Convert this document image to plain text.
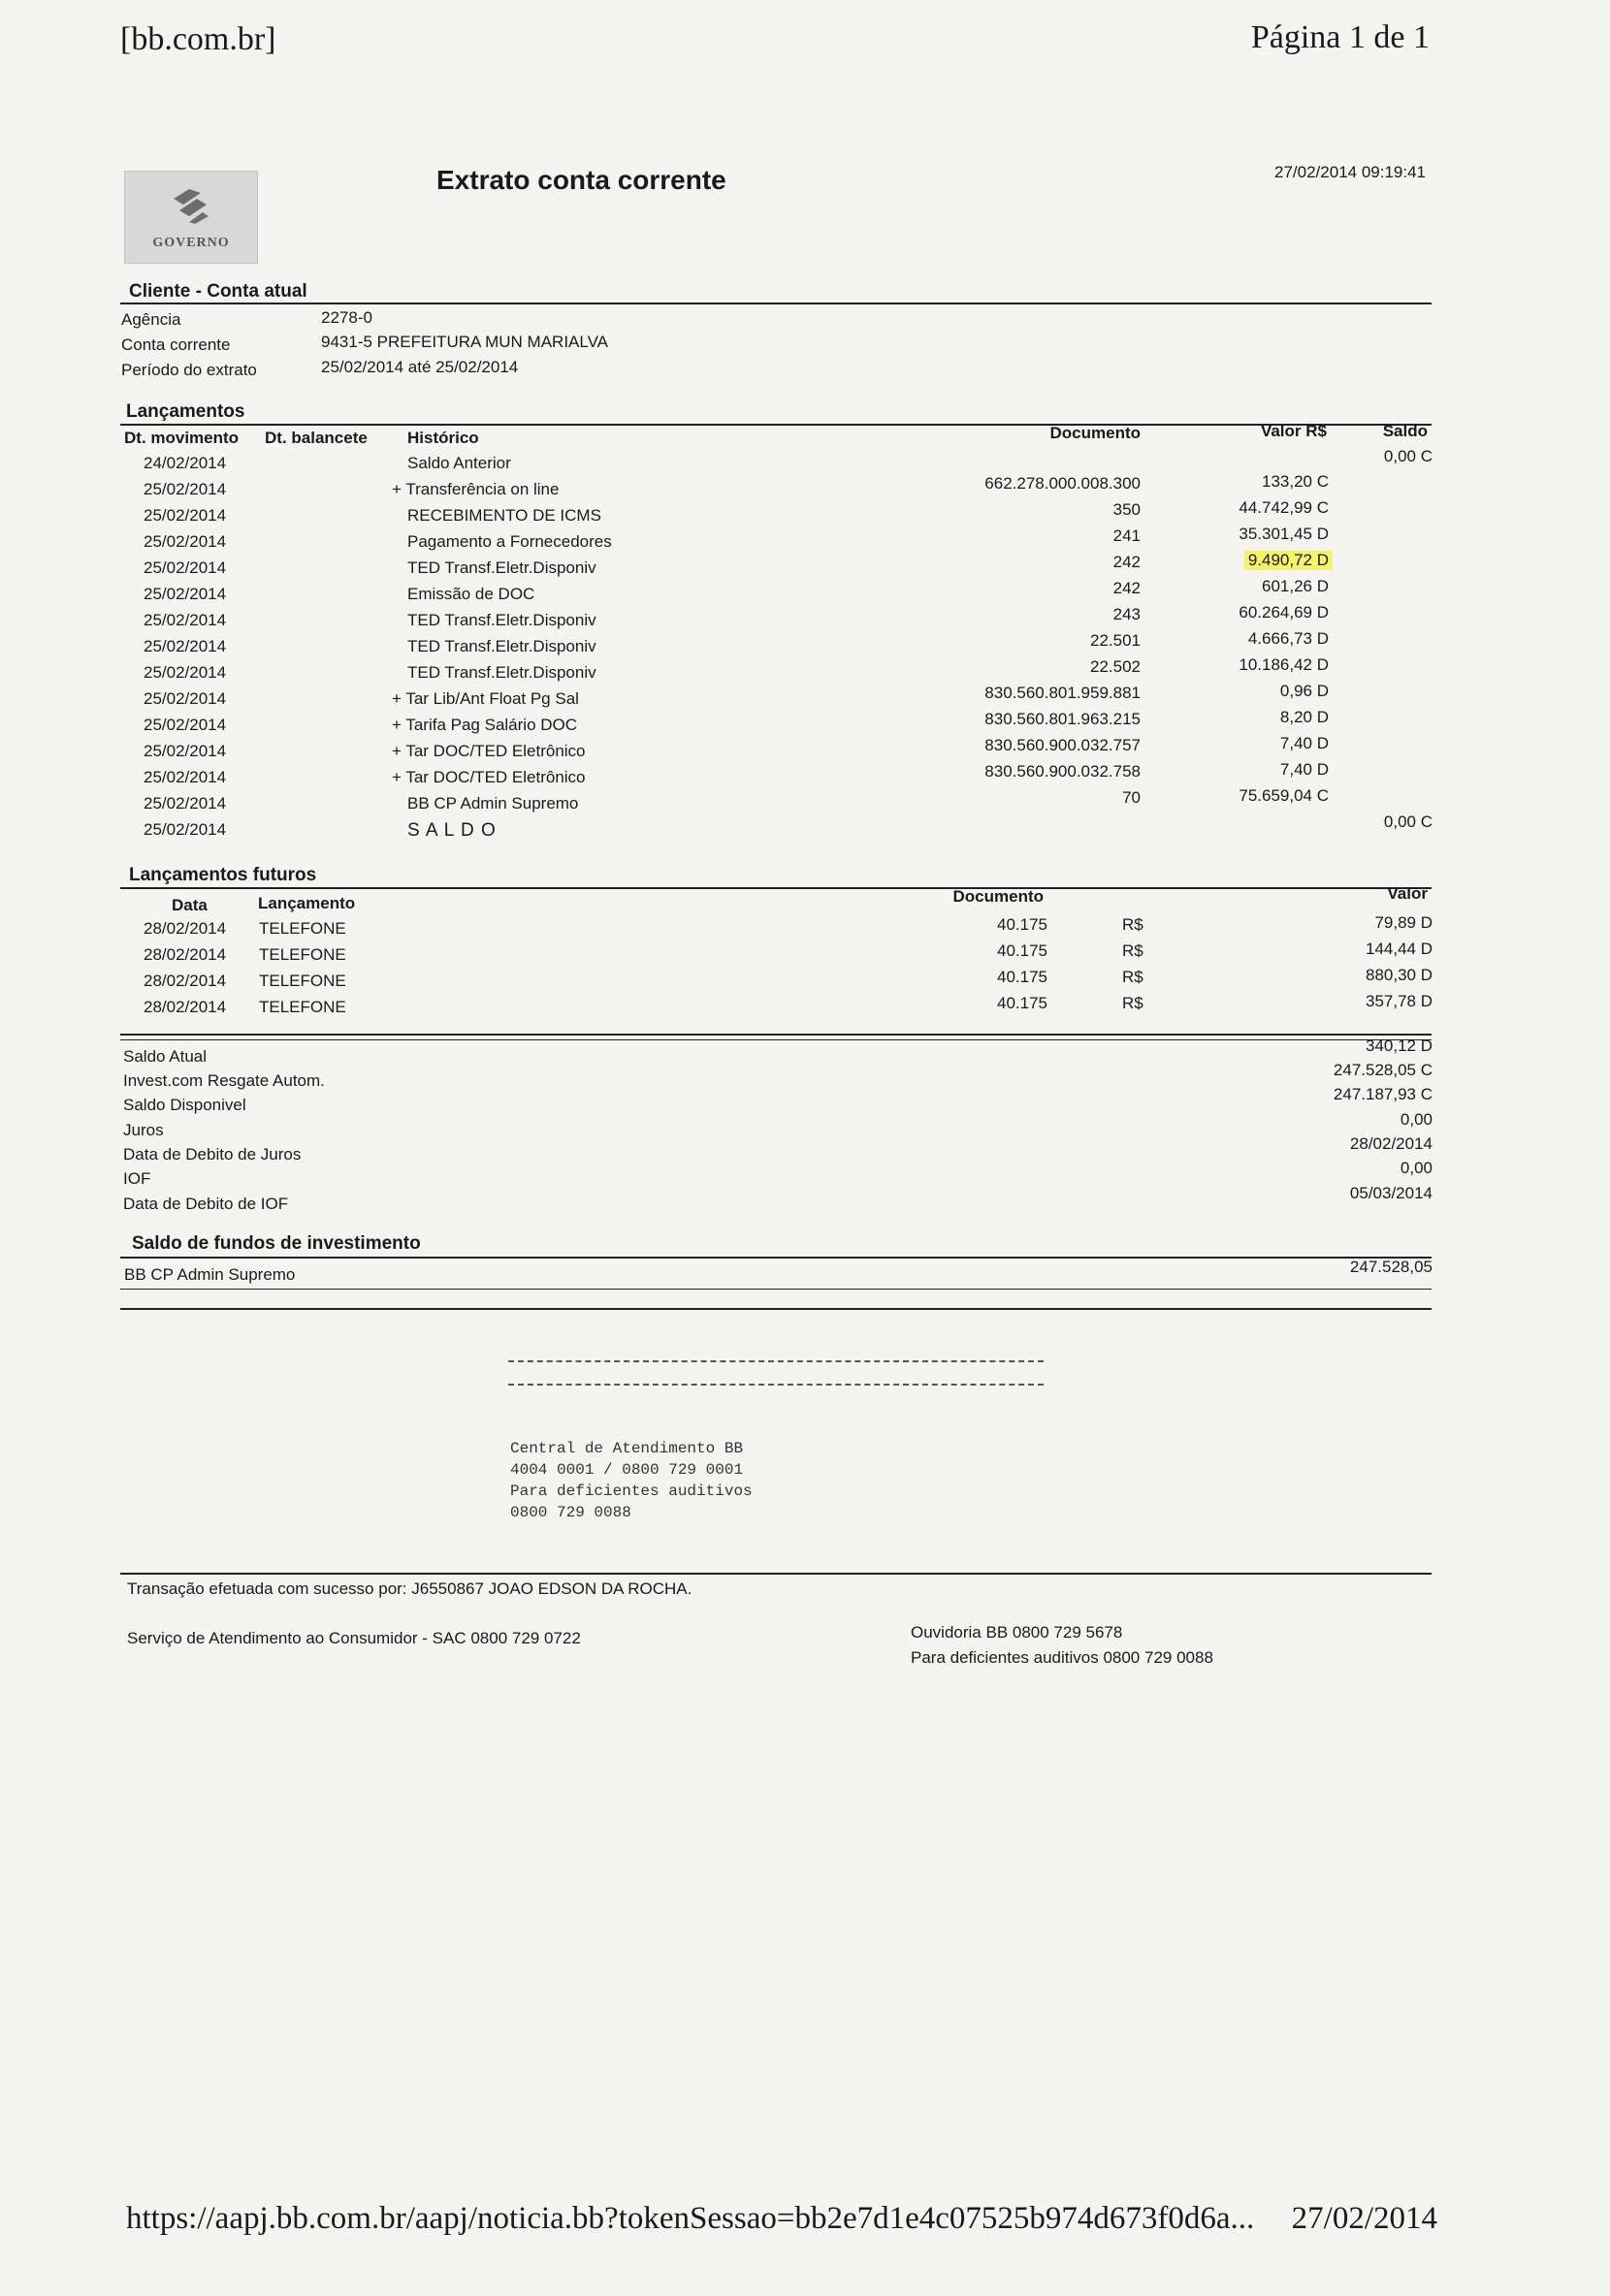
[bb.com.br]	Página 1 de 1
GOVERNO
Extrato conta corrente	27/02/2014 09:19:41
Cliente - Conta atual
Agência	2278-0
Conta corrente	9431-5 PREFEITURA MUN MARIALVA
Período do extrato	25/02/2014 até 25/02/2014
Lançamentos
Dt. movimento Dt. balancete Histórico	Documento	Valor R$	Saldo
24/02/2014	Saldo Anterior	0,00 C
25/02/2014	+ Transferência on line	662.278.000.008.300	133,20 C
25/02/2014	RECEBIMENTO DE ICMS	350	44.742,99 C
25/02/2014	Pagamento a Fornecedores	241	35.301,45 D
25/02/2014	TED Transf.Eletr.Disponiv	242	9.490,72 D
25/02/2014	Emissão de DOC	242	601,26 D
25/02/2014	TED Transf.Eletr.Disponiv	243	60.264,69 D
25/02/2014	TED Transf.Eletr.Disponiv	22.501	4.666,73 D
25/02/2014	TED Transf.Eletr.Disponiv	22.502	10.186,42 D
25/02/2014	+ Tar Lib/Ant Float Pg Sal	830.560.801.959.881	0,96 D
25/02/2014	+ Tarifa Pag Salário DOC	830.560.801.963.215	8,20 D
25/02/2014	+ Tar DOC/TED Eletrônico	830.560.900.032.757	7,40 D
25/02/2014	+ Tar DOC/TED Eletrônico	830.560.900.032.758	7,40 D
25/02/2014	BB CP Admin Supremo	70	75.659,04 C
25/02/2014	S A L D O	0,00 C
Lançamentos futuros
Data	Lançamento	Documento	Valor
28/02/2014 TELEFONE	40.175	R$	79,89 D
28/02/2014 TELEFONE	40.175	R$	144,44 D
28/02/2014 TELEFONE	40.175	R$	880,30 D
28/02/2014 TELEFONE	40.175	R$	357,78 D
Saldo Atual
340,12 D
Invest.com Resgate Autom.
247.528,05 C
Saldo Disponivel
247.187,93 C
Juros
0,00
Data de Debito de Juros
28/02/2014
IOF
0,00
Data de Debito de IOF
05/03/2014
Saldo de fundos de investimento
BB CP Admin Supremo	247.528,05
Central de Atendimento BB
4004 0001 / 0800 729 0001
Para deficientes auditivos
0800 729 0088
Transação efetuada com sucesso por: J6550867 JOAO EDSON DA ROCHA.
Serviço de Atendimento ao Consumidor - SAC 0800 729 0722	Ouvidoria BB 0800 729 5678
Para deficientes auditivos 0800 729 0088
https://aapj.bb.com.br/aapj/noticia.bb?tokenSessao=bb2e7d1e4c07525b974d673f0d6a... 27/02/2014
